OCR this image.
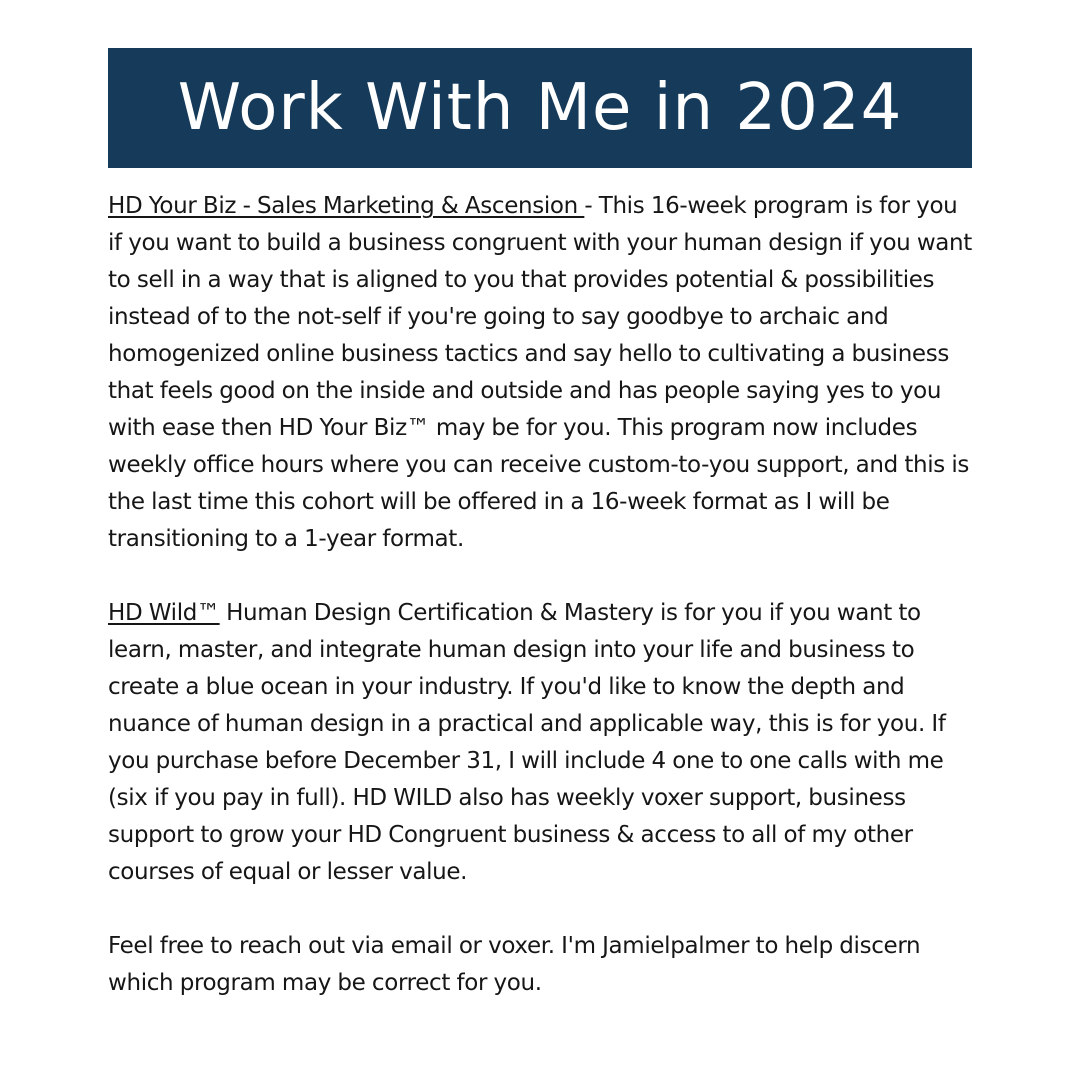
Work With Me in 2024

HD Your Biz - Sales Marketing & Ascension - This 16-week program is for you if you want to build a business congruent with your human design if you want to sell in a way that is aligned to you that provides potential & possibilities instead of to the not-self if you're going to say goodbye to archaic and homogenized online business tactics and say hello to cultivating a business that feels good on the inside and outside and has people saying yes to you with ease then HD Your Biz™ may be for you. This program now includes weekly office hours where you can receive custom-to-you support, and this is the last time this cohort will be offered in a 16-week format as I will be transitioning to a 1-year format.

HD Wild™ Human Design Certification & Mastery is for you if you want to learn, master, and integrate human design into your life and business to create a blue ocean in your industry. If you'd like to know the depth and nuance of human design in a practical and applicable way, this is for you. If you purchase before December 31, I will include 4 one to one calls with me (six if you pay in full). HD WILD also has weekly voxer support, business support to grow your HD Congruent business & access to all of my other courses of equal or lesser value.

Feel free to reach out via email or voxer. I'm Jamielpalmer to help discern which program may be correct for you.
